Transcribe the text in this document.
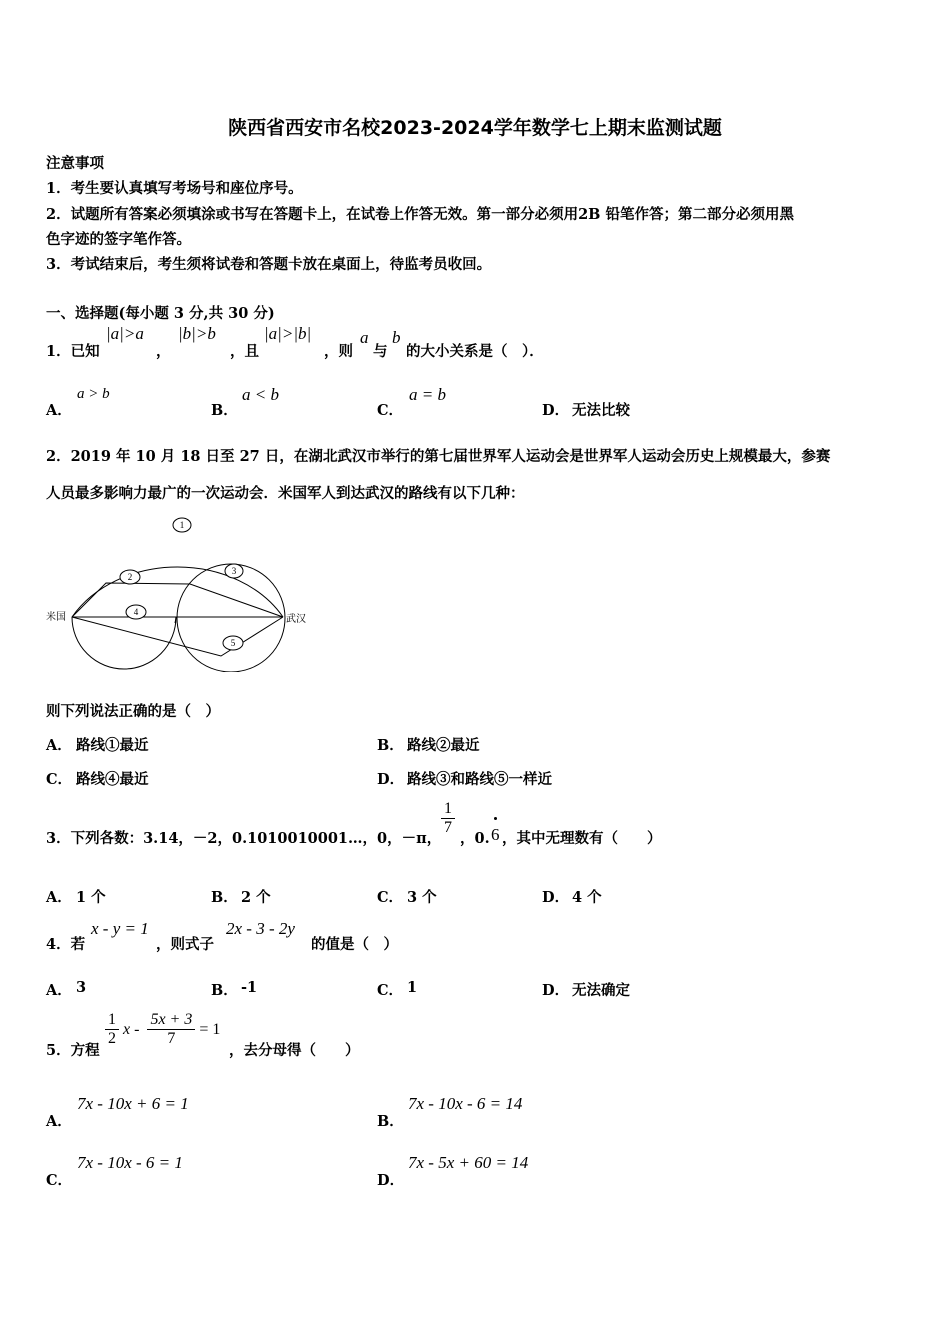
陕西省西安市名校2023-2024学年数学七上期末监测试题
注意事项
1．考生要认真填写考场号和座位序号。
2．试题所有答案必须填涂或书写在答题卡上，在试卷上作答无效。第一部分必须用2B 铅笔作答；第二部分必须用黑
色字迹的签字笔作答。
3．考试结束后，考生须将试卷和答题卡放在桌面上，待监考员收回。
一、选择题(每小题 3 分,共 30 分)
1．已知
|a|>a
，
|b|>b
，且
|a|>|b|
，则
a
与
b
的大小关系是（　）．
A．
a > b
B．
a < b
C．
a = b
D． 无法比较
2．2019 年 10 月 18 日至 27 日，在湖北武汉市举行的第七届世界军人运动会是世界军人运动会历史上规模最大，参赛
人员最多影响力最广的一次运动会．米国军人到达武汉的路线有以下几种：
1
2
3
4
5
米国	武汉
则下列说法正确的是（　）
A． 路线①最近	B． 路线②最近
C． 路线④最近	D． 路线③和路线⑤一样近
3．下列各数：3.14，－2，0.1010010001…，0，－π，
$\frac{1}{7}$
，0. 6 ，其中无理数有（　　）
A． 1 个	B． 2 个	C． 3 个	D． 4 个
4．若
x - y = 1
，则式子
2x - 3 - 2y
的值是（　）
A． 3	B． -1	C． 1	D． 无法确定
5．方程
$\frac{1}{2}$ $x - \frac{5x + 3}{7} = 1$
，去分母得（　　）
A．
7x - 10x + 6 = 1
B．
7x - 10x - 6 = 14
C．
7x - 10x - 6 = 1
D．
7x - 5x + 60 = 14
